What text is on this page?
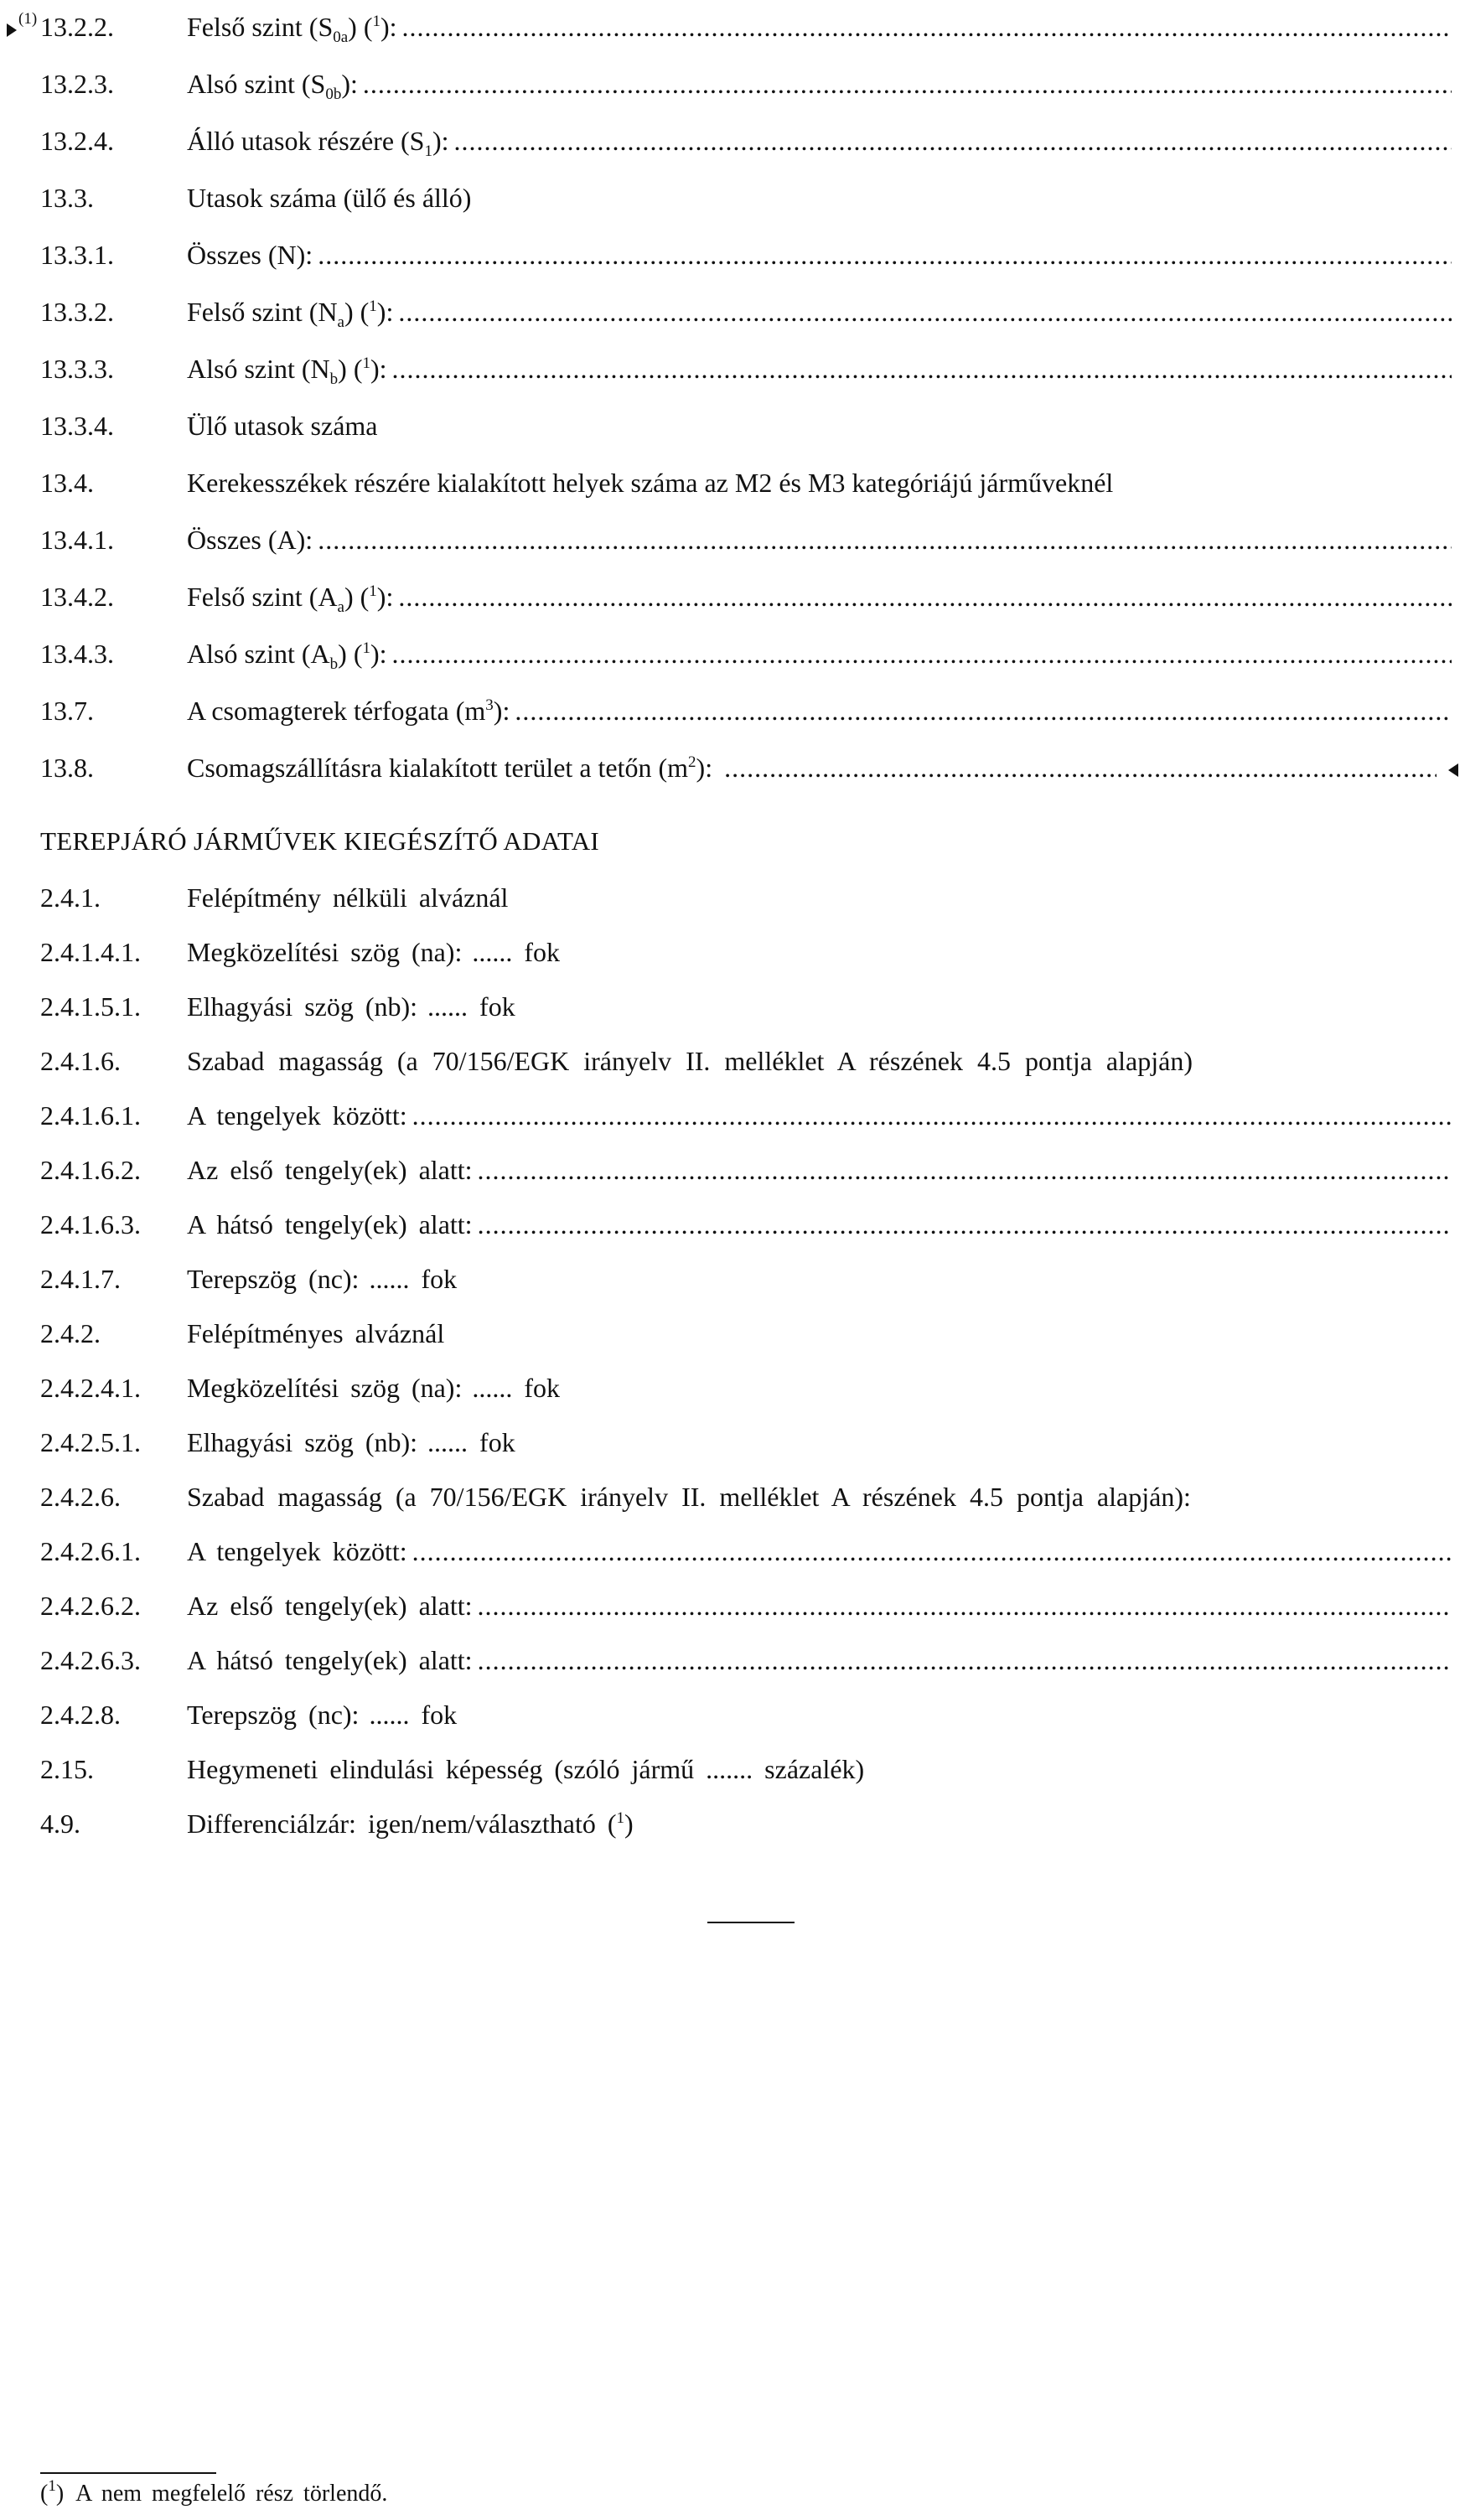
(1) 13.2.2.	Felső szint $(S_{0a})$ ($^1$):
.....
13.2.3.	Alsó szint $(S_{0b})$:
.....
13.2.4.	Álló utasok részére $(S_1)$:
.....
13.3.	Utasok száma (ülő és álló)
13.3.1.	Összes (N):
.....
13.3.2.	Felső szint $(N_a)$ ($^1$):
.....
13.3.3.	Alsó szint $(N_b)$ ($^1$):
.....
13.3.4.	Ülő utasok száma
13.4.	Kerekesszékek részére kialakított helyek száma az M2 és M3 kategóriájú járműveknél
13.4.1.	Összes (A):
.....
13.4.2.	Felső szint $(A_a)$ ($^1$):
.....
13.4.3.	Alsó szint $(A_b)$ ($^1$):
.....
13.7.	A csomagterek térfogata $(m^3)$:
.....
13.8.	Csomagszállításra kialakított terület a tetőn $(m^2)$:
.....
TEREPJÁRÓ JÁRMŰVEK KIEGÉSZÍTŐ ADATAI
2.4.1.	Felépítmény nélküli alváznál
2.4.1.4.1.	Megközelítési szög (na): ...... fok
2.4.1.5.1.	Elhagyási szög (nb): ...... fok
2.4.1.6.	Szabad magasság (a 70/156/EGK irányelv II. melléklet A részének 4.5 pontja alapján)
2.4.1.6.1.	A tengelyek között:
.....
2.4.1.6.2.	Az első tengely(ek) alatt:
.....
2.4.1.6.3.	A hátsó tengely(ek) alatt:
.....
2.4.1.7.	Terepszög (nc): ...... fok
2.4.2.	Felépítményes alváznál
2.4.2.4.1.	Megközelítési szög (na): ...... fok
2.4.2.5.1.	Elhagyási szög (nb): ...... fok
2.4.2.6.	Szabad magasság (a 70/156/EGK irányelv II. melléklet A részének 4.5 pontja alapján):
2.4.2.6.1.	A tengelyek között:
.....
2.4.2.6.2.	Az első tengely(ek) alatt:
.....
2.4.2.6.3.	A hátsó tengely(ek) alatt:
.....
2.4.2.8.	Terepszög (nc): ...... fok
2.15.	Hegymeneti elindulási képesség (szóló jármű ....... százalék)
4.9.	Differenciálzár: igen/nem/választható ($^1$)
($^1$)  A nem megfelelő rész törlendő.
